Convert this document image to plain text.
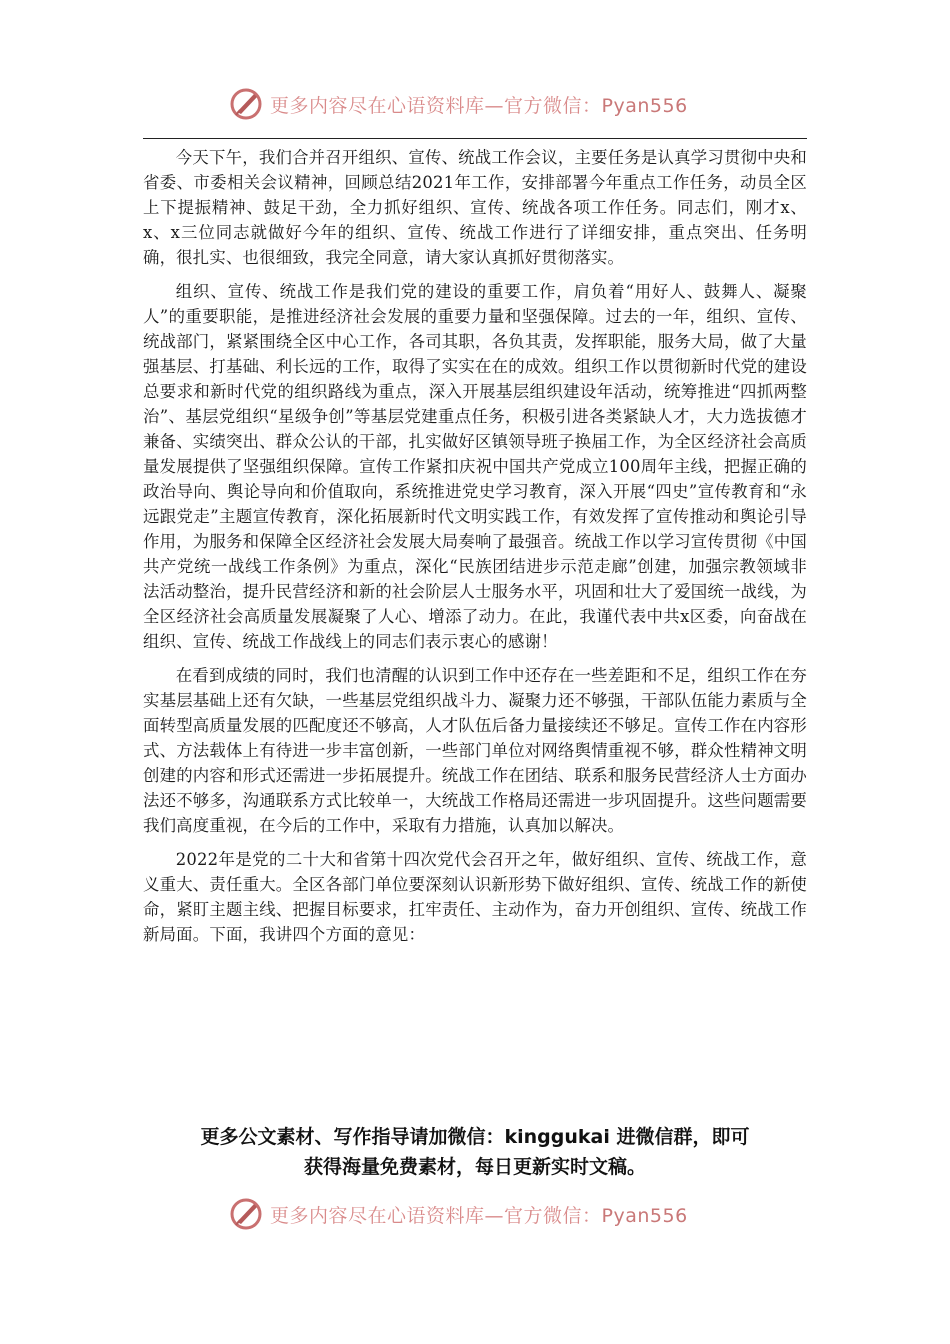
更多内容尽在心语资料库—官方微信：Pyan556

今天下午，我们合并召开组织、宣传、统战工作会议，主要任务是认真学习贯彻中央和省委、市委相关会议精神，回顾总结2021年工作，安排部署今年重点工作任务，动员全区上下提振精神、鼓足干劲，全力抓好组织、宣传、统战各项工作任务。同志们，刚才x、x、x三位同志就做好今年的组织、宣传、统战工作进行了详细安排，重点突出、任务明确，很扎实、也很细致，我完全同意，请大家认真抓好贯彻落实。

组织、宣传、统战工作是我们党的建设的重要工作，肩负着“用好人、鼓舞人、凝聚人”的重要职能，是推进经济社会发展的重要力量和坚强保障。过去的一年，组织、宣传、统战部门，紧紧围绕全区中心工作，各司其职，各负其责，发挥职能，服务大局，做了大量强基层、打基础、利长远的工作，取得了实实在在的成效。组织工作以贯彻新时代党的建设总要求和新时代党的组织路线为重点，深入开展基层组织建设年活动，统筹推进“四抓两整治”、基层党组织“星级争创”等基层党建重点任务，积极引进各类紧缺人才，大力选拔德才兼备、实绩突出、群众公认的干部，扎实做好区镇领导班子换届工作，为全区经济社会高质量发展提供了坚强组织保障。宣传工作紧扣庆祝中国共产党成立100周年主线，把握正确的政治导向、舆论导向和价值取向，系统推进党史学习教育，深入开展“四史”宣传教育和“永远跟党走”主题宣传教育，深化拓展新时代文明实践工作，有效发挥了宣传推动和舆论引导作用，为服务和保障全区经济社会发展大局奏响了最强音。统战工作以学习宣传贯彻《中国共产党统一战线工作条例》为重点，深化“民族团结进步示范走廊”创建，加强宗教领域非法活动整治，提升民营经济和新的社会阶层人士服务水平，巩固和壮大了爱国统一战线，为全区经济社会高质量发展凝聚了人心、增添了动力。在此，我谨代表中共x区委，向奋战在组织、宣传、统战工作战线上的同志们表示衷心的感谢！

在看到成绩的同时，我们也清醒的认识到工作中还存在一些差距和不足，组织工作在夯实基层基础上还有欠缺，一些基层党组织战斗力、凝聚力还不够强，干部队伍能力素质与全面转型高质量发展的匹配度还不够高，人才队伍后备力量接续还不够足。宣传工作在内容形式、方法载体上有待进一步丰富创新，一些部门单位对网络舆情重视不够，群众性精神文明创建的内容和形式还需进一步拓展提升。统战工作在团结、联系和服务民营经济人士方面办法还不够多，沟通联系方式比较单一，大统战工作格局还需进一步巩固提升。这些问题需要我们高度重视，在今后的工作中，采取有力措施，认真加以解决。

2022年是党的二十大和省第十四次党代会召开之年，做好组织、宣传、统战工作，意义重大、责任重大。全区各部门单位要深刻认识新形势下做好组织、宣传、统战工作的新使命，紧盯主题主线、把握目标要求，扛牢责任、主动作为，奋力开创组织、宣传、统战工作新局面。下面，我讲四个方面的意见：

更多公文素材、写作指导请加微信：kinggukai 进微信群，即可
获得海量免费素材，每日更新实时文稿。
更多内容尽在心语资料库—官方微信：Pyan556
